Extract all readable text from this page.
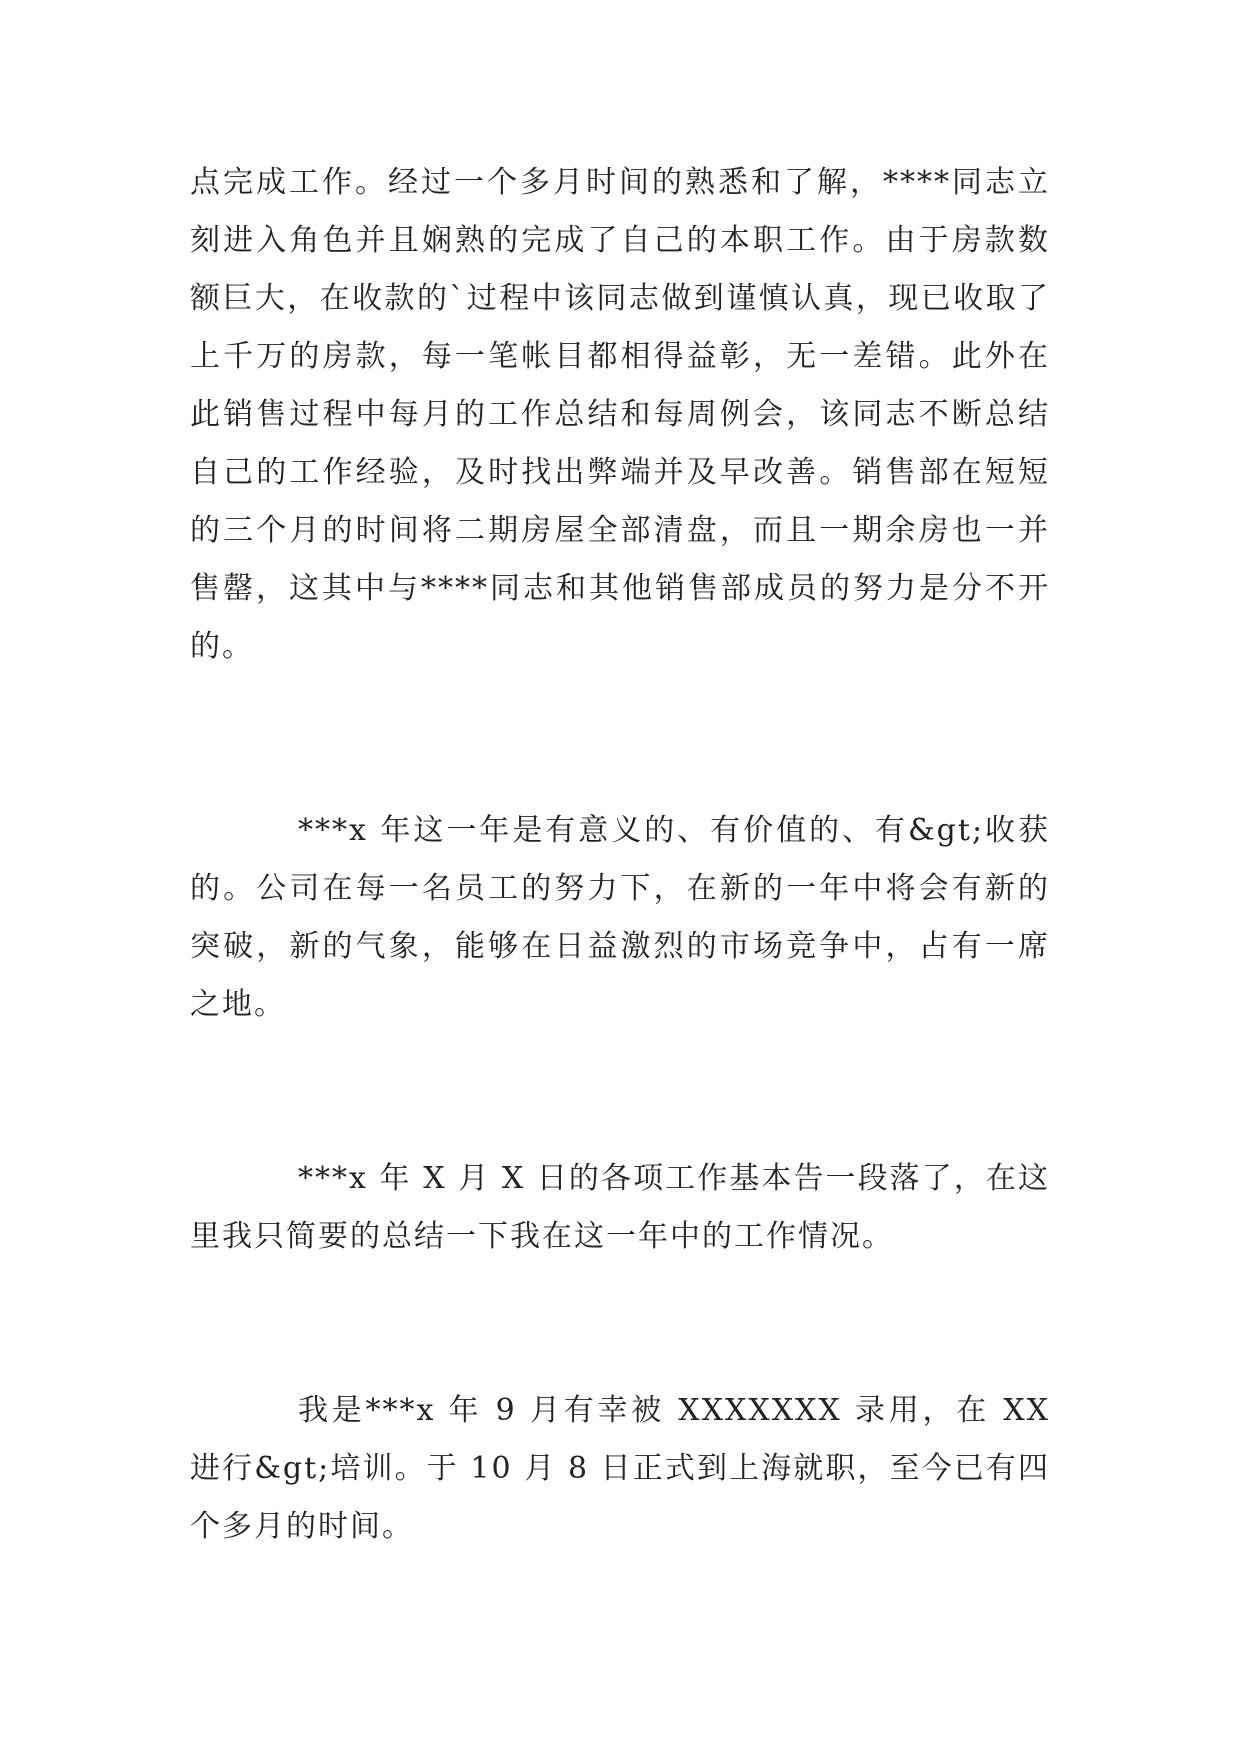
点完成工作。经过一个多月时间的熟悉和了解，****同志立刻进入角色并且娴熟的完成了自己的本职工作。由于房款数额巨大，在收款的`过程中该同志做到谨慎认真，现已收取了上千万的房款，每一笔帐目都相得益彰，无一差错。此外在此销售过程中每月的工作总结和每周例会，该同志不断总结自己的工作经验，及时找出弊端并及早改善。销售部在短短的三个月的时间将二期房屋全部清盘，而且一期余房也一并售罄，这其中与****同志和其他销售部成员的努力是分不开的。

***x 年这一年是有意义的、有价值的、有&gt;收获的。公司在每一名员工的努力下，在新的一年中将会有新的突破，新的气象，能够在日益激烈的市场竞争中，占有一席之地。

***x 年 X 月 X 日的各项工作基本告一段落了，在这里我只简要的总结一下我在这一年中的工作情况。

我是***x 年 9 月有幸被 XXXXXXX 录用，在 XX 进行&gt;培训。于 10 月 8 日正式到上海就职，至今已有四个多月的时间。
